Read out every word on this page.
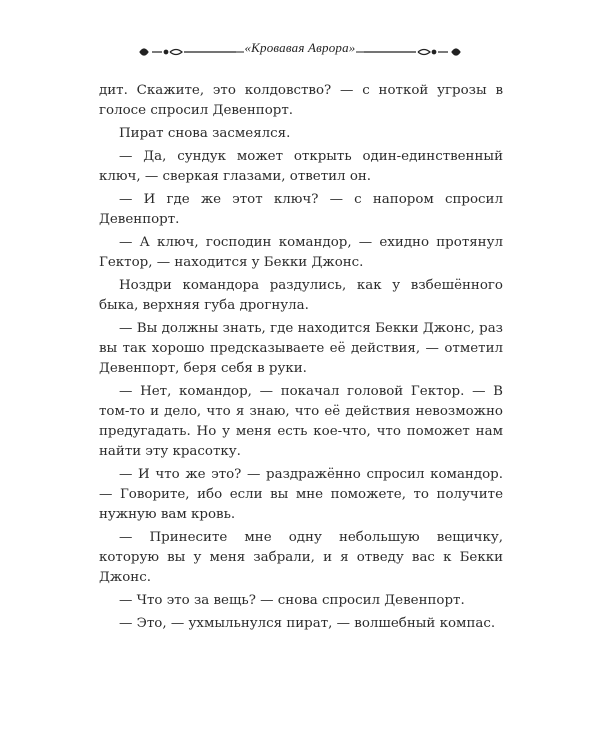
«Кровавая Аврора»

дит. Скажите, это колдовство? — с ноткой угрозы в голосе спросил Девенпорт.

Пират снова засмеялся.

— Да, сундук может открыть один-единственный ключ, — сверкая глазами, ответил он.

— И где же этот ключ? — с напором спросил Девенпорт.

— А ключ, господин командор, — ехидно протянул Гектор, — находится у Бекки Джонс.

Ноздри командора раздулись, как у взбешённого быка, верхняя губа дрогнула.

— Вы должны знать, где находится Бекки Джонс, раз вы так хорошо предсказываете её действия, — отметил Девенпорт, беря себя в руки.

— Нет, командор, — покачал головой Гектор. — В том-то и дело, что я знаю, что её действия невозможно предугадать. Но у меня есть кое-что, что поможет нам найти эту красотку.

— И что же это? — раздражённо спросил командор. — Говорите, ибо если вы мне поможете, то получите нужную вам кровь.

— Принесите мне одну небольшую вещичку, которую вы у меня забрали, и я отведу вас к Бекки Джонс.

— Что это за вещь? — снова спросил Девенпорт.

— Это, — ухмыльнулся пират, — волшебный компас.
